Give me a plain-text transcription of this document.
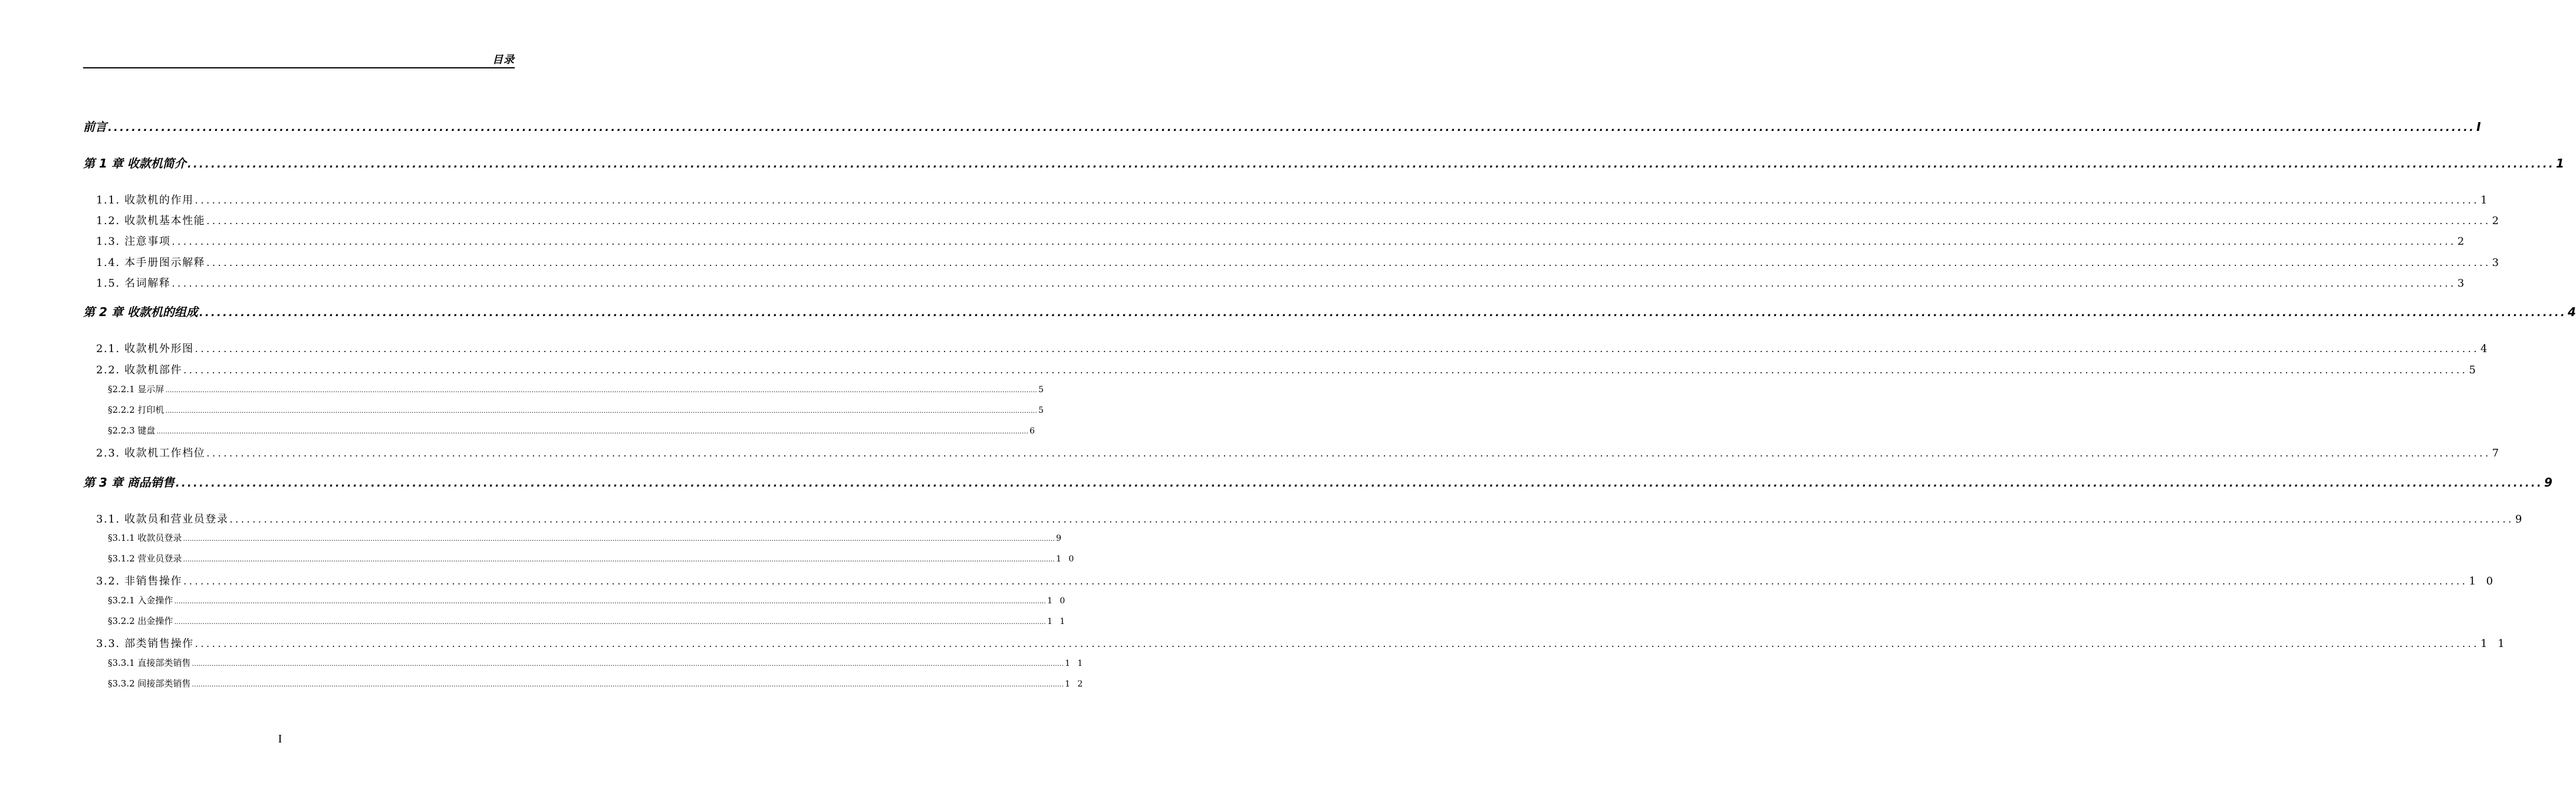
目录
前言 ................................................................................................................................................................................................................................................................................................................................................................................................................ I
第 1 章 收款机简介 ................................................................................................................................................................................................................................................................................................................................................................................................................ 1
1.1. 收款机的作用 ................................................................................................................................................................................................................................................................................................................................................................................................................ 1
1.2. 收款机基本性能 ................................................................................................................................................................................................................................................................................................................................................................................................................ 2
1.3. 注意事项 ................................................................................................................................................................................................................................................................................................................................................................................................................ 2
1.4. 本手册图示解释 ................................................................................................................................................................................................................................................................................................................................................................................................................ 3
1.5. 名词解释 ................................................................................................................................................................................................................................................................................................................................................................................................................ 3
第 2 章 收款机的组成 ................................................................................................................................................................................................................................................................................................................................................................................................................ 4
2.1. 收款机外形图 ................................................................................................................................................................................................................................................................................................................................................................................................................ 4
2.2. 收款机部件 ................................................................................................................................................................................................................................................................................................................................................................................................................ 5
§2.2.1 显示屏 ................................................................................................................................................................................................................................................................................................................................................................................................................ 5
§2.2.2 打印机 ................................................................................................................................................................................................................................................................................................................................................................................................................ 5
§2.2.3 键盘 ................................................................................................................................................................................................................................................................................................................................................................................................................ 6
2.3. 收款机工作档位 ................................................................................................................................................................................................................................................................................................................................................................................................................ 7
第 3 章 商品销售 ................................................................................................................................................................................................................................................................................................................................................................................................................ 9
3.1. 收款员和营业员登录 ................................................................................................................................................................................................................................................................................................................................................................................................................ 9
§3.1.1 收款员登录 ................................................................................................................................................................................................................................................................................................................................................................................................................ 9
§3.1.2 营业员登录 ................................................................................................................................................................................................................................................................................................................................................................................................................ 1 0
3.2. 非销售操作 ................................................................................................................................................................................................................................................................................................................................................................................................................ 1 0
§3.2.1 入金操作 ................................................................................................................................................................................................................................................................................................................................................................................................................ 1 0
§3.2.2 出金操作 ................................................................................................................................................................................................................................................................................................................................................................................................................ 1 1
3.3. 部类销售操作 ................................................................................................................................................................................................................................................................................................................................................................................................................ 1 1
§3.3.1 直接部类销售 ................................................................................................................................................................................................................................................................................................................................................................................................................ 1 1
§3.3.2 间接部类销售 ................................................................................................................................................................................................................................................................................................................................................................................................................ 1 2
I
